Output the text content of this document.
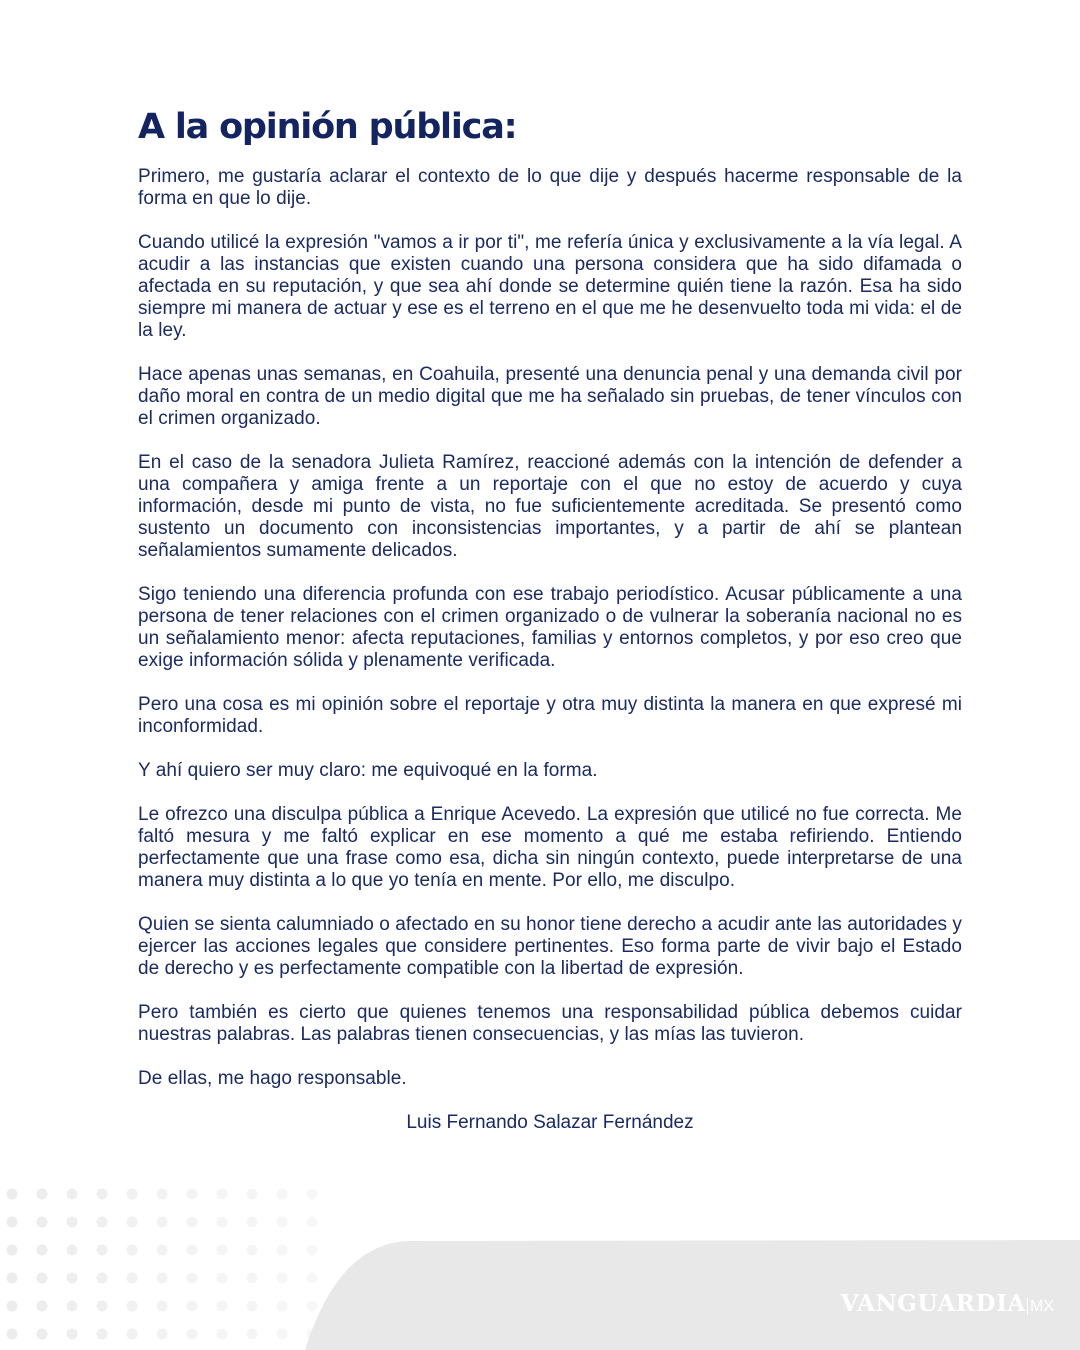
A la opinión pública:

Primero, me gustaría aclarar el contexto de lo que dije y después hacerme responsable de la forma en que lo dije.

Cuando utilicé la expresión "vamos a ir por ti", me refería única y exclusivamente a la vía legal. A acudir a las instancias que existen cuando una persona considera que ha sido difamada o afectada en su reputación, y que sea ahí donde se determine quién tiene la razón. Esa ha sido siempre mi manera de actuar y ese es el terreno en el que me he desenvuelto toda mi vida: el de la ley.

Hace apenas unas semanas, en Coahuila, presenté una denuncia penal y una demanda civil por daño moral en contra de un medio digital que me ha señalado sin pruebas, de tener vínculos con el crimen organizado.

En el caso de la senadora Julieta Ramírez, reaccioné además con la intención de defender a una compañera y amiga frente a un reportaje con el que no estoy de acuerdo y cuya información, desde mi punto de vista, no fue suficientemente acreditada. Se presentó como sustento un documento con inconsistencias importantes, y a partir de ahí se plantean señalamientos sumamente delicados.

Sigo teniendo una diferencia profunda con ese trabajo periodístico. Acusar públicamente a una persona de tener relaciones con el crimen organizado o de vulnerar la soberanía nacional no es un señalamiento menor: afecta reputaciones, familias y entornos completos, y por eso creo que exige información sólida y plenamente verificada.

Pero una cosa es mi opinión sobre el reportaje y otra muy distinta la manera en que expresé mi inconformidad.

Y ahí quiero ser muy claro: me equivoqué en la forma.

Le ofrezco una disculpa pública a Enrique Acevedo. La expresión que utilicé no fue correcta. Me faltó mesura y me faltó explicar en ese momento a qué me estaba refiriendo. Entiendo perfectamente que una frase como esa, dicha sin ningún contexto, puede interpretarse de una manera muy distinta a lo que yo tenía en mente. Por ello, me disculpo.

Quien se sienta calumniado o afectado en su honor tiene derecho a acudir ante las autoridades y ejercer las acciones legales que considere pertinentes. Eso forma parte de vivir bajo el Estado de derecho y es perfectamente compatible con la libertad de expresión.

Pero también es cierto que quienes tenemos una responsabilidad pública debemos cuidar nuestras palabras. Las palabras tienen consecuencias, y las mías las tuvieron.

De ellas, me hago responsable.

Luis Fernando Salazar Fernández
VANGUARDIA MX
